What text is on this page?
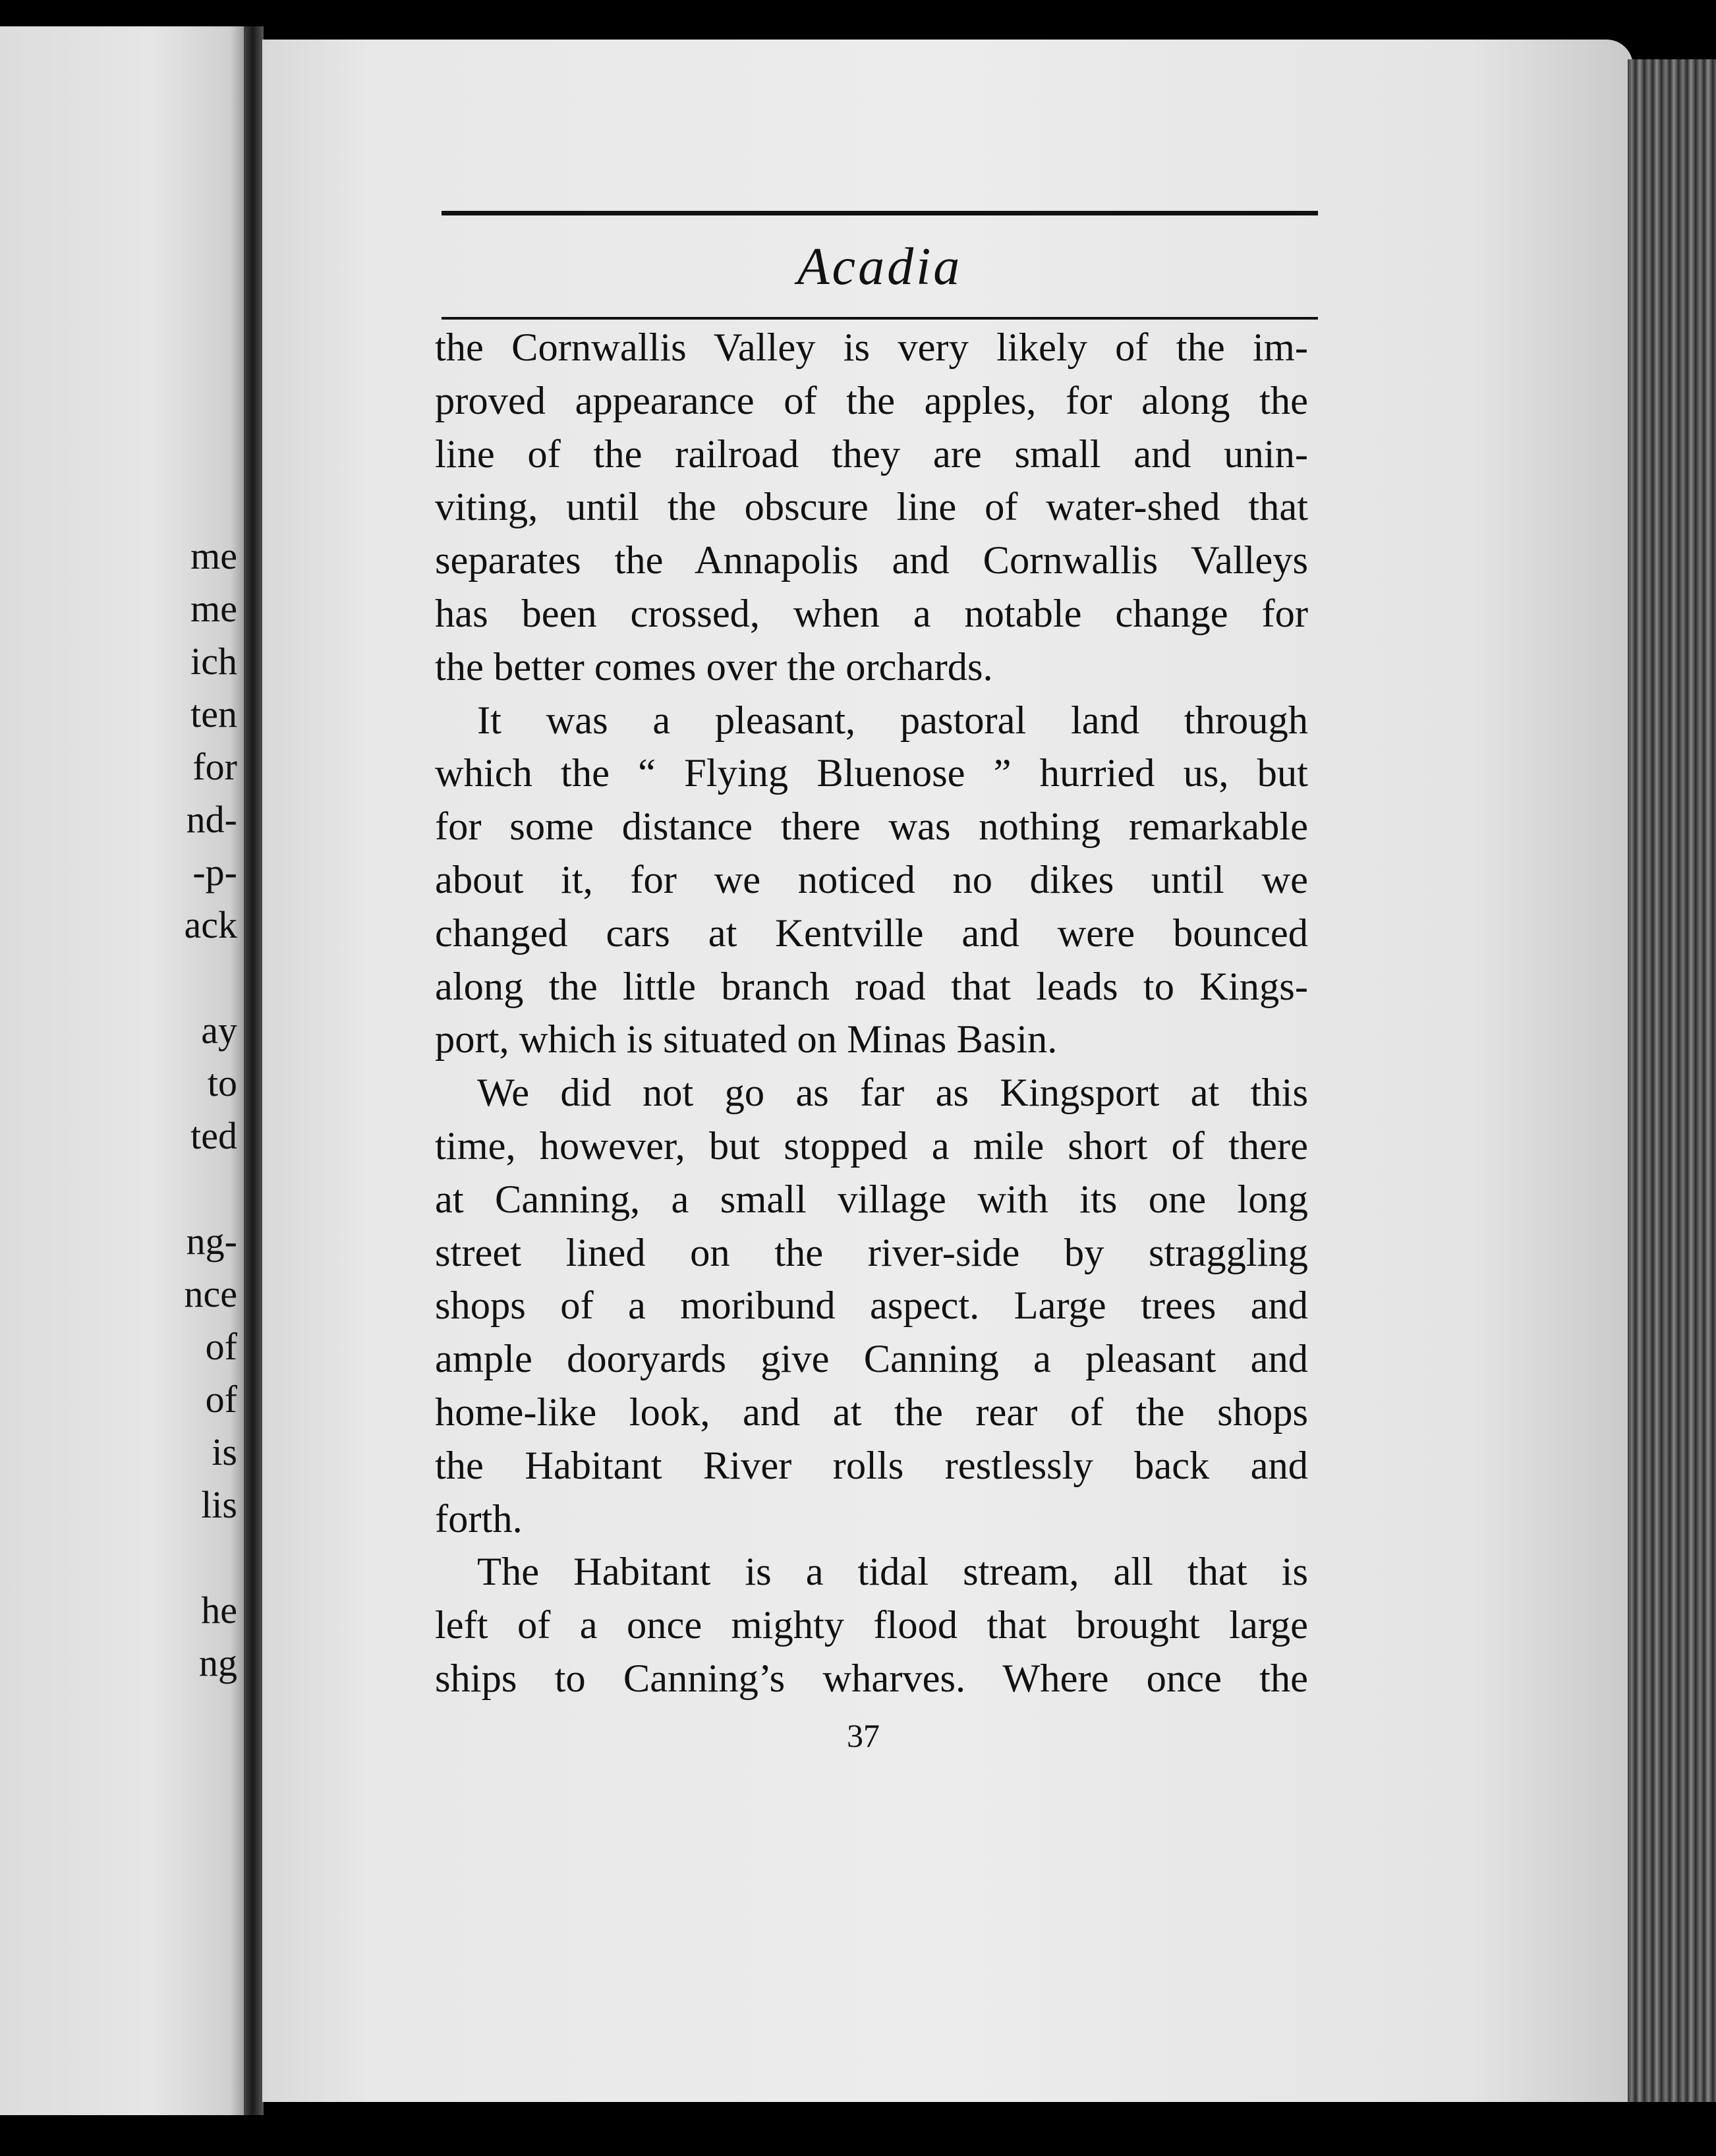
me
me
ich
ten
for
nd-
-p-
ack
ay
to
ted
ng-
nce
of
of
is
lis
he
ng
Acadia

the Cornwallis Valley is very likely of the im-
proved appearance of the apples, for along the
line of the railroad they are small and unin-
viting, until the obscure line of water-shed that
separates the Annapolis and Cornwallis Valleys
has been crossed, when a notable change for
the better comes over the orchards.

It was a pleasant, pastoral land through
which the “ Flying Bluenose ” hurried us, but
for some distance there was nothing remarkable
about it, for we noticed no dikes until we
changed cars at Kentville and were bounced
along the little branch road that leads to Kings-
port, which is situated on Minas Basin.

We did not go as far as Kingsport at this
time, however, but stopped a mile short of there
at Canning, a small village with its one long
street lined on the river-side by straggling
shops of a moribund aspect. Large trees and
ample dooryards give Canning a pleasant and
home-like look, and at the rear of the shops
the Habitant River rolls restlessly back and
forth.

The Habitant is a tidal stream, all that is
left of a once mighty flood that brought large
ships to Canning’s wharves. Where once the

37
